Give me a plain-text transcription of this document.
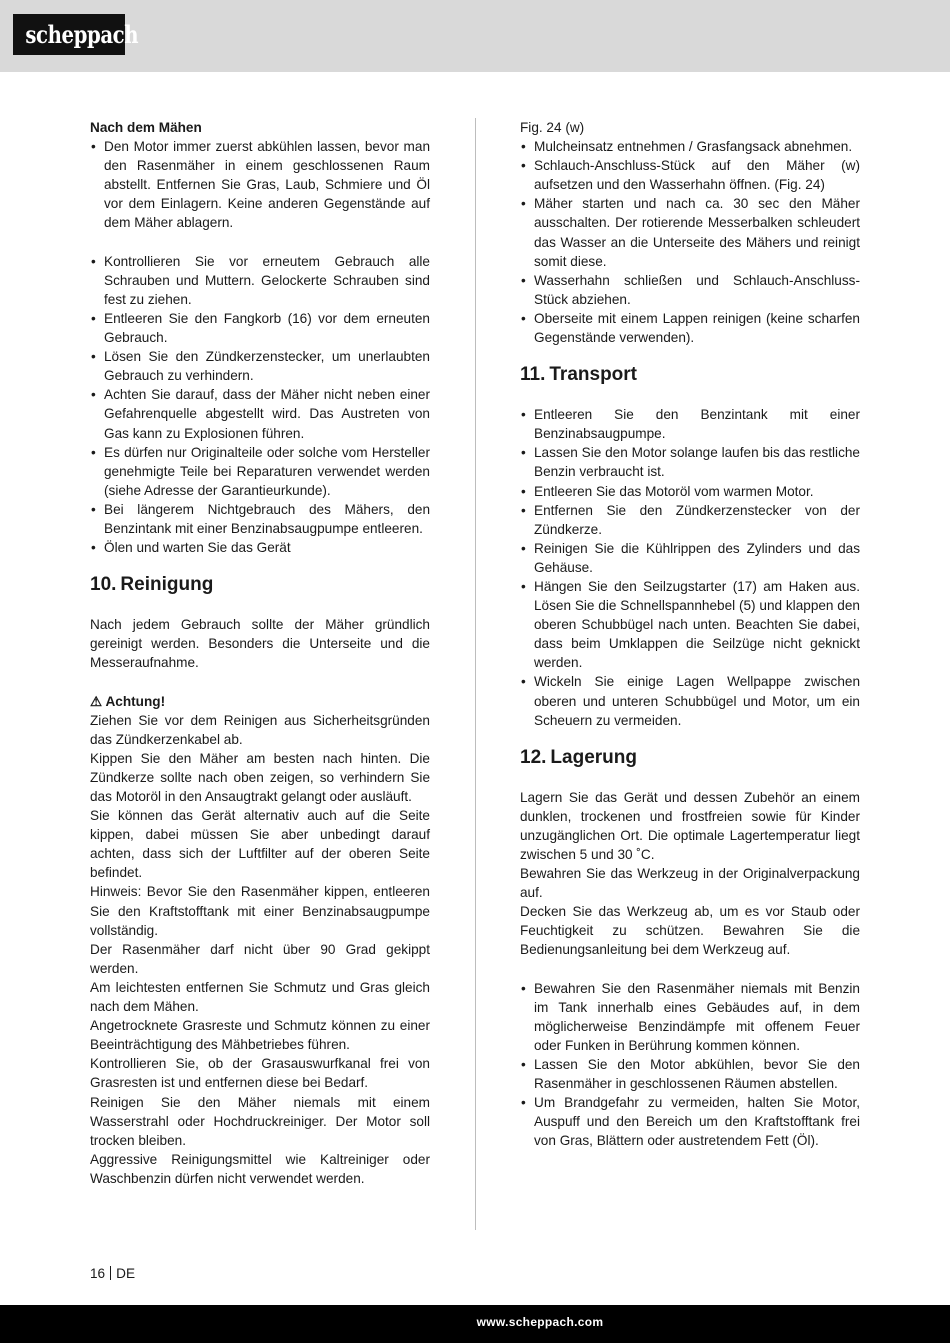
scheppach
Nach dem Mähen
• Den Motor immer zuerst abkühlen lassen, bevor man den Rasenmäher in einem geschlossenen Raum abstellt. Entfernen Sie Gras, Laub, Schmiere und Öl vor dem Einlagern. Keine anderen Gegenstände auf dem Mäher ablagern.
• Kontrollieren Sie vor erneutem Gebrauch alle Schrauben und Muttern. Gelockerte Schrauben sind fest zu ziehen.
• Entleeren Sie den Fangkorb (16) vor dem erneuten Gebrauch.
• Lösen Sie den Zündkerzenstecker, um unerlaubten Gebrauch zu verhindern.
• Achten Sie darauf, dass der Mäher nicht neben einer Gefahrenquelle abgestellt wird. Das Austreten von Gas kann zu Explosionen führen.
• Es dürfen nur Originalteile oder solche vom Hersteller genehmigte Teile bei Reparaturen verwendet werden (siehe Adresse der Garantieurkunde).
• Bei längerem Nichtgebrauch des Mähers, den Benzintank mit einer Benzinabsaugpumpe entleeren.
• Ölen und warten Sie das Gerät
10. Reinigung

Nach jedem Gebrauch sollte der Mäher gründlich gereinigt werden. Besonders die Unterseite und die Messeraufnahme.

⚠ Achtung!

Ziehen Sie vor dem Reinigen aus Sicherheitsgründen das Zündkerzenkabel ab.

Kippen Sie den Mäher am besten nach hinten. Die Zündkerze sollte nach oben zeigen, so verhindern Sie das Motoröl in den Ansaugtrakt gelangt oder ausläuft.

Sie können das Gerät alternativ auch auf die Seite kippen, dabei müssen Sie aber unbedingt darauf achten, dass sich der Luftfilter auf der oberen Seite befindet.

Hinweis: Bevor Sie den Rasenmäher kippen, entleeren Sie den Kraftstofftank mit einer Benzinabsaugpumpe vollständig.

Der Rasenmäher darf nicht über 90 Grad gekippt werden.

Am leichtesten entfernen Sie Schmutz und Gras gleich nach dem Mähen.

Angetrocknete Grasreste und Schmutz können zu einer Beeinträchtigung des Mähbetriebes führen.

Kontrollieren Sie, ob der Grasauswurfkanal frei von Grasresten ist und entfernen diese bei Bedarf.

Reinigen Sie den Mäher niemals mit einem Wasserstrahl oder Hochdruckreiniger. Der Motor soll trocken bleiben.

Aggressive Reinigungsmittel wie Kaltreiniger oder Waschbenzin dürfen nicht verwendet werden.

Fig. 24 (w)
• Mulcheinsatz entnehmen / Grasfangsack abnehmen.
• Schlauch-Anschluss-Stück auf den Mäher (w) aufsetzen und den Wasserhahn öffnen. (Fig. 24)
• Mäher starten und nach ca. 30 sec den Mäher ausschalten. Der rotierende Messerbalken schleudert das Wasser an die Unterseite des Mähers und reinigt somit diese.
• Wasserhahn schließen und Schlauch-Anschluss-Stück abziehen.
• Oberseite mit einem Lappen reinigen (keine scharfen Gegenstände verwenden).
11. Transport
• Entleeren Sie den Benzintank mit einer Benzinabsaugpumpe.
• Lassen Sie den Motor solange laufen bis das restliche Benzin verbraucht ist.
• Entleeren Sie das Motoröl vom warmen Motor.
• Entfernen Sie den Zündkerzenstecker von der Zündkerze.
• Reinigen Sie die Kühlrippen des Zylinders und das Gehäuse.
• Hängen Sie den Seilzugstarter (17) am Haken aus. Lösen Sie die Schnellspannhebel (5) und klappen den oberen Schubbügel nach unten. Beachten Sie dabei, dass beim Umklappen die Seilzüge nicht geknickt werden.
• Wickeln Sie einige Lagen Wellpappe zwischen oberen und unteren Schubbügel und Motor, um ein Scheuern zu vermeiden.
12. Lagerung

Lagern Sie das Gerät und dessen Zubehör an einem dunklen, trockenen und frostfreien sowie für Kinder unzugänglichen Ort. Die optimale Lagertemperatur liegt zwischen 5 und 30 ˚C.

Bewahren Sie das Werkzeug in der Originalverpackung auf.

Decken Sie das Werkzeug ab, um es vor Staub oder Feuchtigkeit zu schützen. Bewahren Sie die Bedienungsanleitung bei dem Werkzeug auf.

• Bewahren Sie den Rasenmäher niemals mit Benzin im Tank innerhalb eines Gebäudes auf, in dem möglicherweise Benzindämpfe mit offenem Feuer oder Funken in Berührung kommen können.
• Lassen Sie den Motor abkühlen, bevor Sie den Rasenmäher in geschlossenen Räumen abstellen.
• Um Brandgefahr zu vermeiden, halten Sie Motor, Auspuff und den Bereich um den Kraftstofftank frei von Gras, Blättern oder austretendem Fett (Öl).
16 DE
www.scheppach.com
